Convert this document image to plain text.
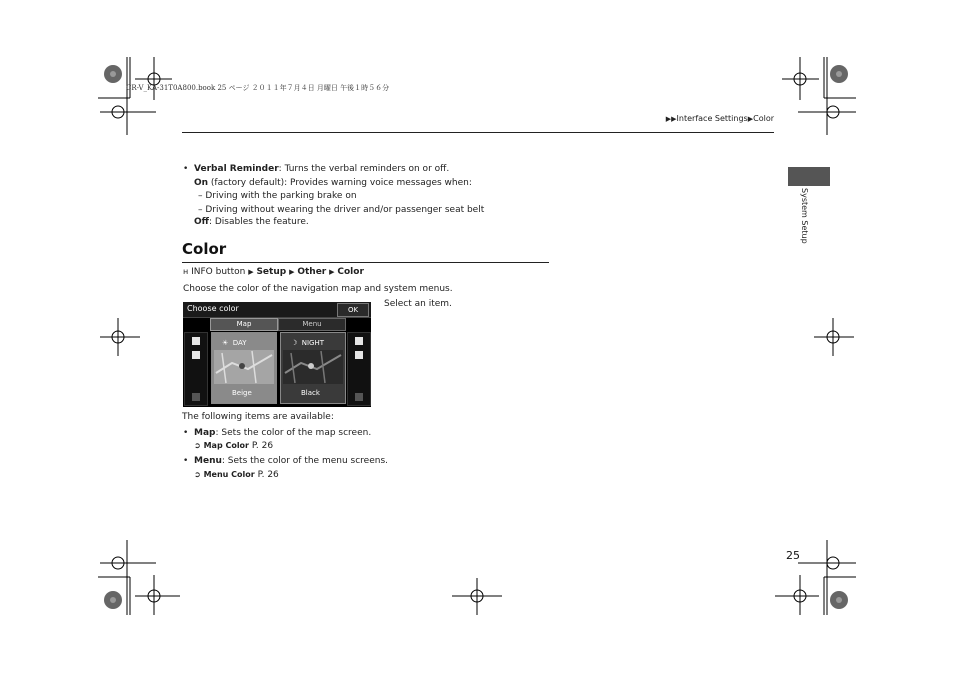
CR-V_KA-31T0A800.book 25 ページ ２０１１年７月４日 月曜日 午後１時５６分
▶▶Interface Settings▶Color
System Setup
•  Verbal Reminder: Turns the verbal reminders on or off.
On (factory default): Provides warning voice messages when:
– Driving with the parking brake on
– Driving without wearing the driver and/or passenger seat belt
Off: Disables the feature.
Color
ʜ INFO button ▶ Setup ▶ Other ▶ Color
Choose the color of the navigation map and system menus.
Select an item.
Choose color	OK
Map	Menu
☀ DAY
Beige
☽ NIGHT
Black
The following items are available:
•  Map: Sets the color of the map screen.
➲ Map Color P. 26
•  Menu: Sets the color of the menu screens.
➲ Menu Color P. 26
25
